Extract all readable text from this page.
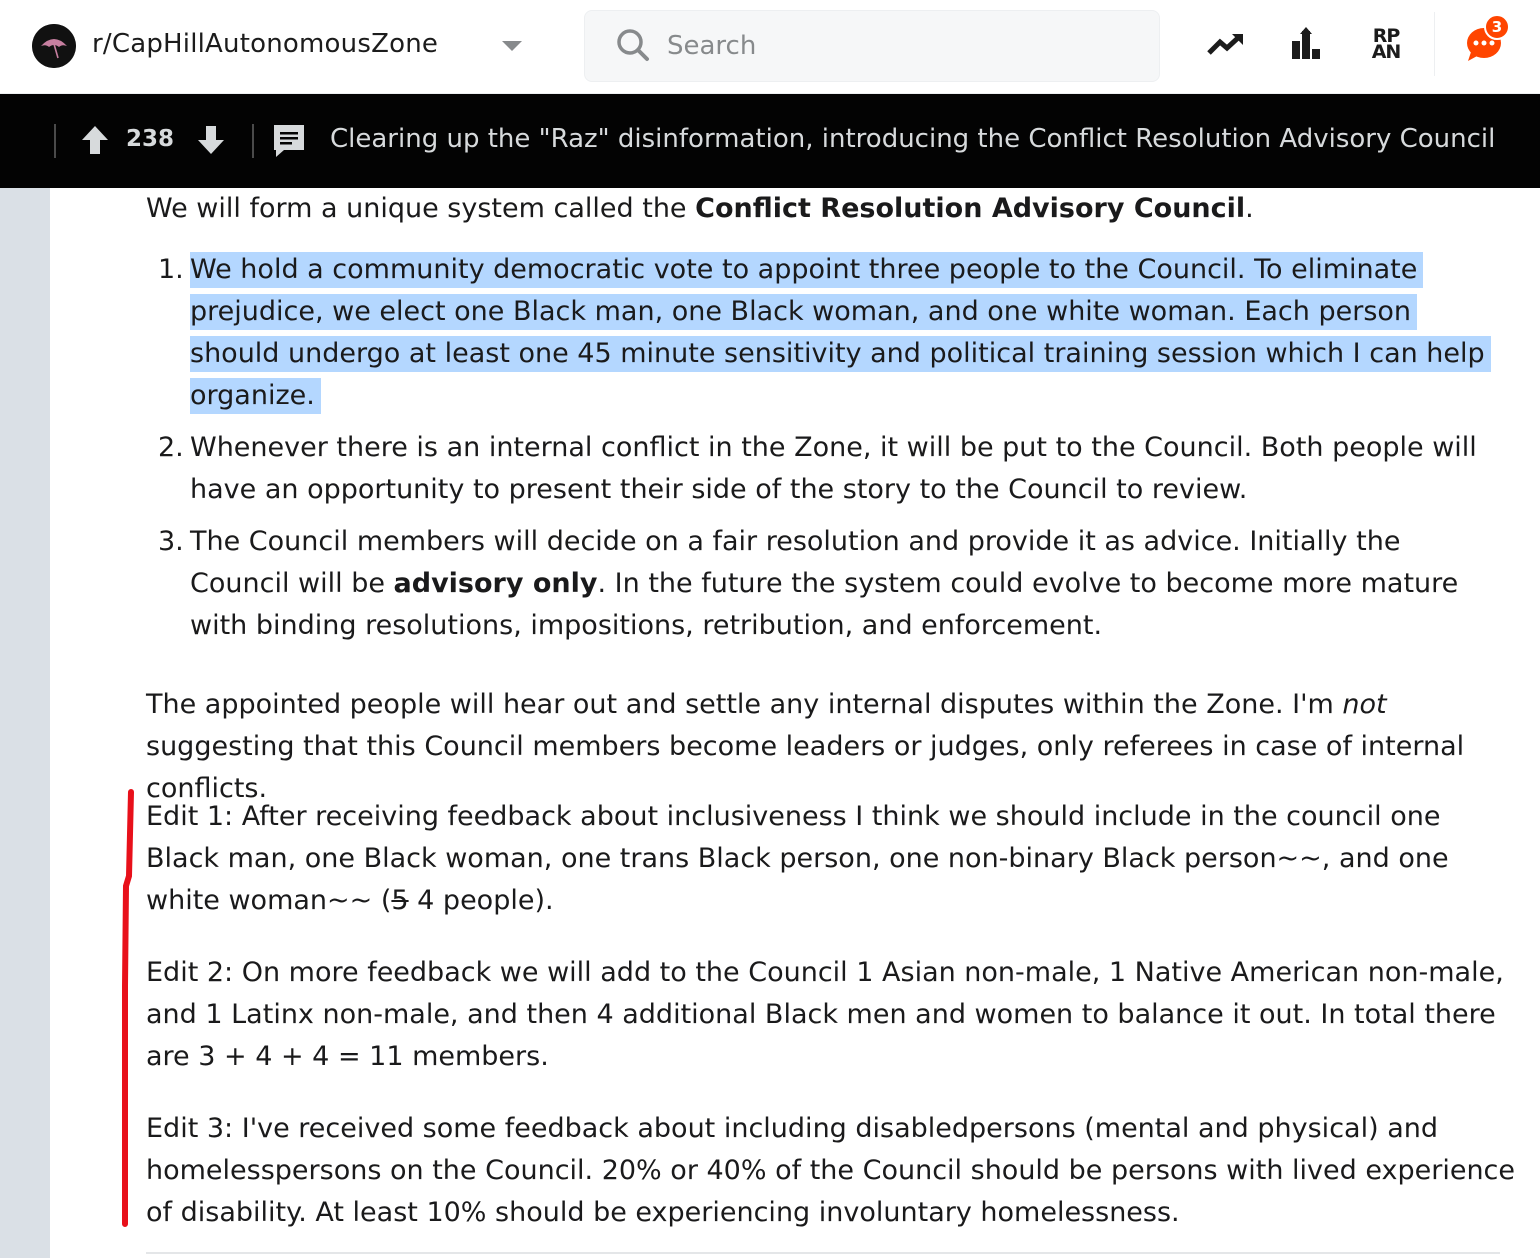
r/CapHillAutonomousZone
Search	RP
AN
3
238	Clearing up the "Raz" disinformation, introducing the Conflict Resolution Advisory Council
We will form a unique system called the Conflict Resolution Advisory Council.
1. We hold a community democratic vote to appoint three people to the Council. To eliminate prejudice, we elect one Black man, one Black woman, and one white woman. Each person should undergo at least one 45 minute sensitivity and political training session which I can help organize.
2. Whenever there is an internal conflict in the Zone, it will be put to the Council. Both people will have an opportunity to present their side of the story to the Council to review.
3. The Council members will decide on a fair resolution and provide it as advice. Initially the Council will be advisory only. In the future the system could evolve to become more mature with binding resolutions, impositions, retribution, and enforcement.
The appointed people will hear out and settle any internal disputes within the Zone. I'm not suggesting that this Council members become leaders or judges, only referees in case of internal conflicts.
Edit 1: After receiving feedback about inclusiveness I think we should include in the council one Black man, one Black woman, one trans Black person, one non-binary Black person~~, and one white woman~~ (5 4 people).
Edit 2: On more feedback we will add to the Council 1 Asian non-male, 1 Native American non-male, and 1 Latinx non-male, and then 4 additional Black men and women to balance it out. In total there are 3 + 4 + 4 = 11 members.
Edit 3: I've received some feedback about including disabledpersons (mental and physical) and homelesspersons on the Council. 20% or 40% of the Council should be persons with lived experience of disability. At least 10% should be experiencing involuntary homelessness.
